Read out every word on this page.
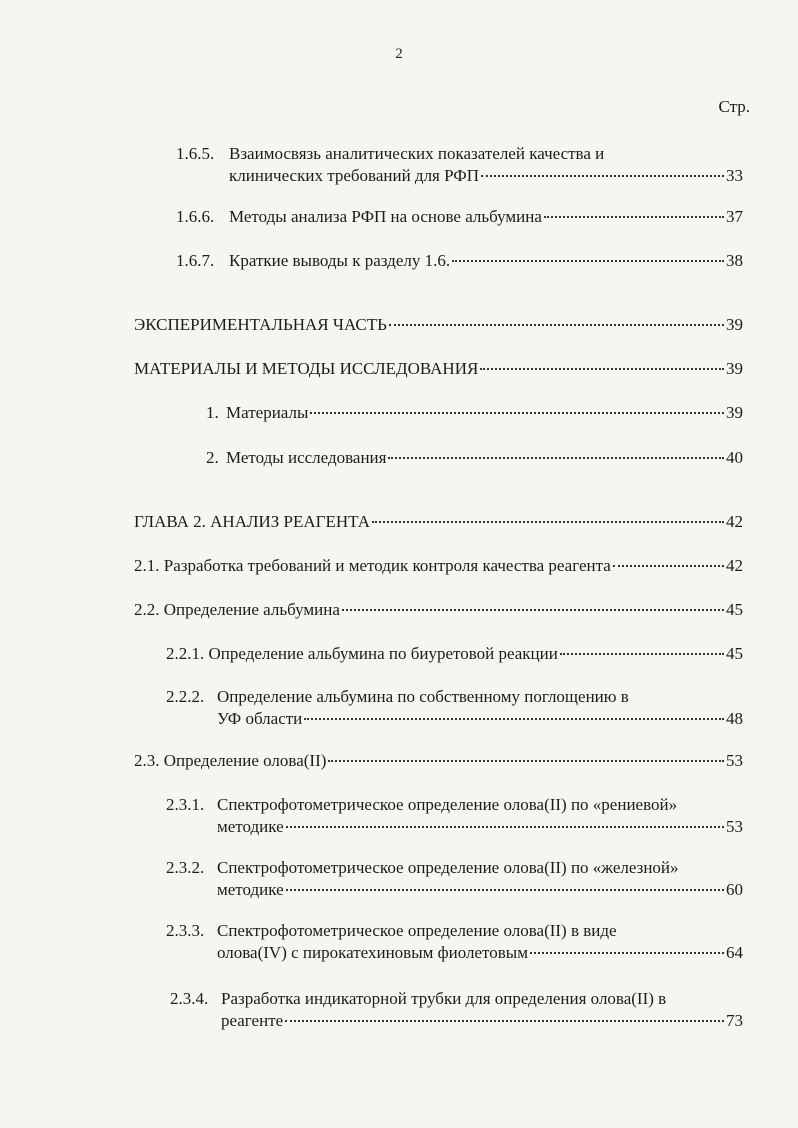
2
Стр.
1.6.5. Взаимосвязь аналитических показателей качества и
клинических требований для РФП	33
1.6.6. Методы анализа РФП на основе альбумина	37
1.6.7. Краткие выводы к разделу 1.6.	38
ЭКСПЕРИМЕНТАЛЬНАЯ ЧАСТЬ	39
МАТЕРИАЛЫ И МЕТОДЫ ИССЛЕДОВАНИЯ	39
1. Материалы	39
2. Методы исследования	40
ГЛАВА 2. АНАЛИЗ РЕАГЕНТА	42
2.1. Разработка требований и методик контроля качества реагента	42
2.2. Определение альбумина	45
2.2.1. Определение альбумина по биуретовой реакции	45
2.2.2. Определение альбумина по собственному поглощению в
УФ области	48
2.3. Определение олова(II)	53
2.3.1. Спектрофотометрическое определение олова(II) по «рениевой»
методике	53
2.3.2. Спектрофотометрическое определение олова(II) по «железной»
методике	60
2.3.3. Спектрофотометрическое определение олова(II) в виде
олова(IV) с пирокатехиновым фиолетовым	64
2.3.4. Разработка индикаторной трубки для определения олова(II) в
реагенте	73
